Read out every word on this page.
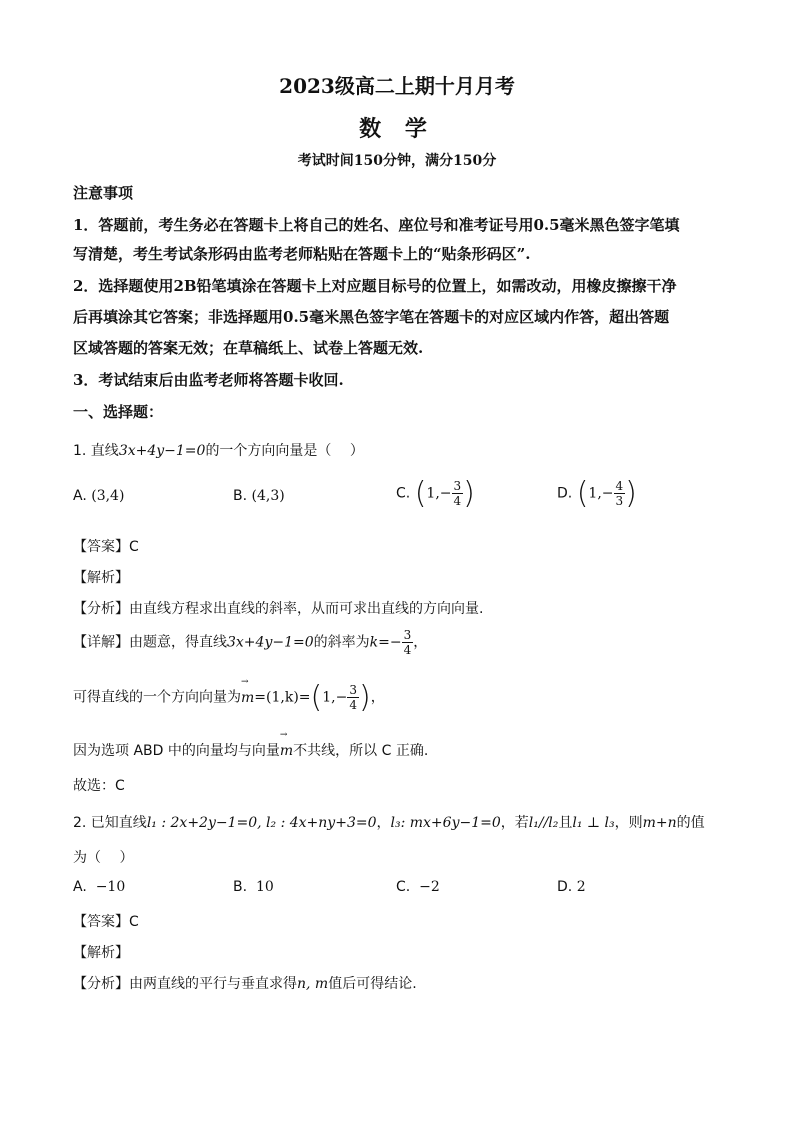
2023级高二上期十月月考
数 学
考试时间150分钟，满分150分
注意事项
1．答题前，考生务必在答题卡上将自己的姓名、座位号和准考证号用0.5毫米黑色签字笔填
写清楚，考生考试条形码由监考老师粘贴在答题卡上的“贴条形码区”.
2．选择题使用2B铅笔填涂在答题卡上对应题目标号的位置上，如需改动，用橡皮擦擦干净
后再填涂其它答案；非选择题用0.5毫米黑色签字笔在答题卡的对应区域内作答，超出答题
区域答题的答案无效；在草稿纸上、试卷上答题无效.
3．考试结束后由监考老师将答题卡收回.
一、选择题：
1. 直线3x+4y−1=0的一个方向向量是（　 ）
A. (3,4)	B. (4,3)	C. ($1,- \frac{3}{4}$ )	D. ($1,- \frac{4}{3}$ )
【答案】C
【解析】
【分析】由直线方程求出直线的斜率，从而可求出直线的方向向量.
【详解】由题意，得直线3x+4y−1=0的斜率为$k=- \frac{3}{4}$ ，
可得直线的一个方向向量为→ $m=(1,k)=(1,- \frac{3}{4}$ )，
因为选项 ABD 中的向量均与向量→ m不共线，所以 C 正确.
故选：C
2. 已知直线l₁ : 2x+2y−1=0, l₂ : 4x+ny+3=0，l₃: mx+6y−1=0，若l₁//l₂且l₁ ⊥ l₃，则m+n的值
为（　 ）
A. −10	B. 10	C. −2	D. 2
【答案】C
【解析】
【分析】由两直线的平行与垂直求得n, m值后可得结论.
